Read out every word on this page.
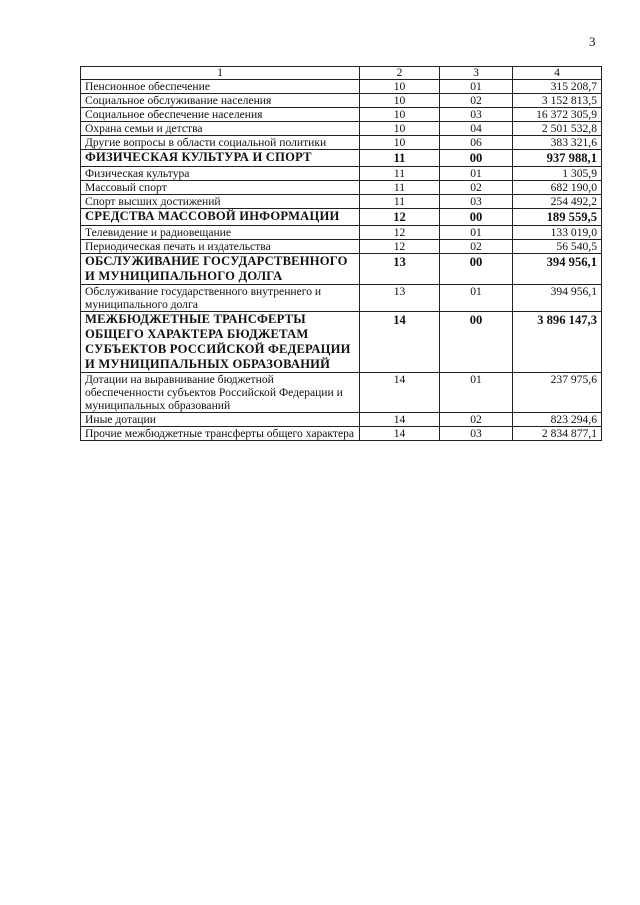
3
1	2	3	4
Пенсионное обеспечение	10	01	315 208,7
Социальное обслуживание населения	10	02	3 152 813,5
Социальное обеспечение населения	10	03	16 372 305,9
Охрана семьи и детства	10	04	2 501 532,8
Другие вопросы в области социальной политики	10	06	383 321,6
ФИЗИЧЕСКАЯ КУЛЬТУРА И СПОРТ	11	00	937 988,1
Физическая культура	11	01	1 305,9
Массовый спорт	11	02	682 190,0
Спорт высших достижений	11	03	254 492,2
СРЕДСТВА МАССОВОЙ ИНФОРМАЦИИ	12	00	189 559,5
Телевидение и радиовещание	12	01	133 019,0
Периодическая печать и издательства	12	02	56 540,5
ОБСЛУЖИВАНИЕ ГОСУДАРСТВЕННОГО И МУНИЦИПАЛЬНОГО ДОЛГА	13	00	394 956,1
Обслуживание государственного внутреннего и муниципального долга	13	01	394 956,1
МЕЖБЮДЖЕТНЫЕ ТРАНСФЕРТЫ ОБЩЕГО ХАРАКТЕРА БЮДЖЕТАМ СУБЪЕКТОВ РОССИЙСКОЙ ФЕДЕРАЦИИ И МУНИЦИПАЛЬНЫХ ОБРАЗОВАНИЙ	14	00	3 896 147,3
Дотации на выравнивание бюджетной обеспеченности субъектов Российской Федерации и муниципальных образований	14	01	237 975,6
Иные дотации	14	02	823 294,6
Прочие межбюджетные трансферты общего характера	14	03	2 834 877,1
